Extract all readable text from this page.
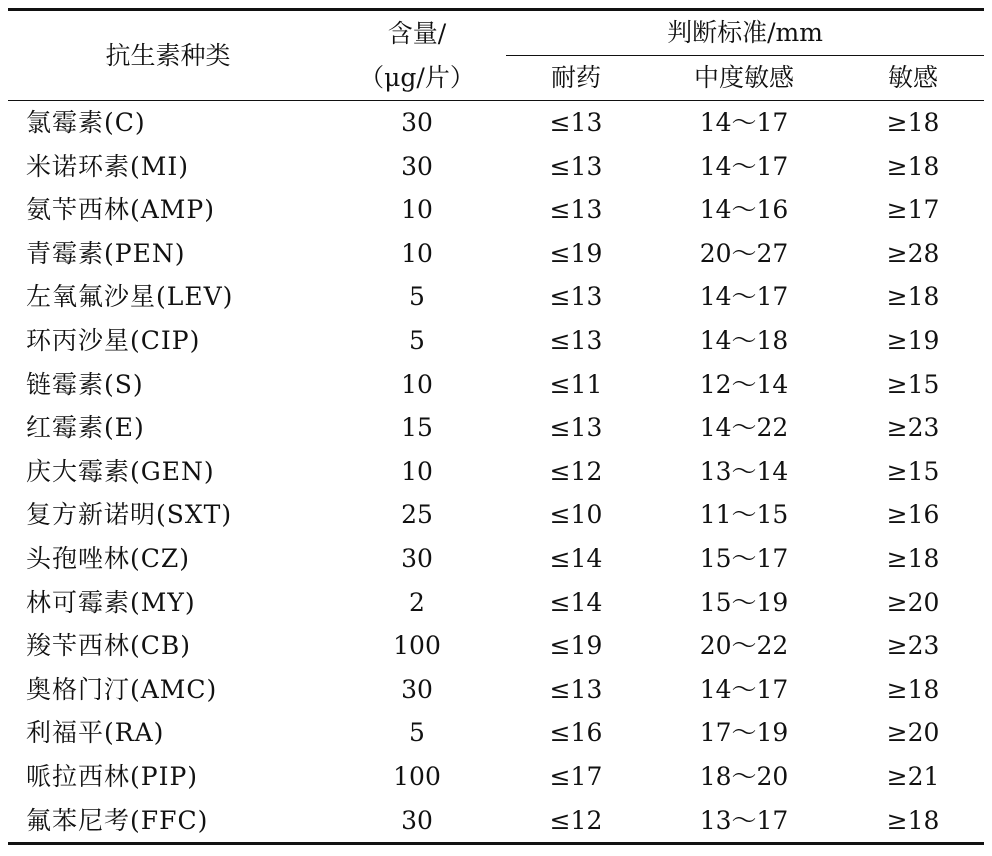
抗生素种类	含量/	判断标准/mm		
	（μg/片）	耐药	中度敏感	敏感
氯霉素(C)	30	≤13	14～17	≥18
米诺环素(MI)	30	≤13	14～17	≥18
氨苄西林(AMP)	10	≤13	14～16	≥17
青霉素(PEN)	10	≤19	20～27	≥28
左氧氟沙星(LEV)	5	≤13	14～17	≥18
环丙沙星(CIP)	5	≤13	14～18	≥19
链霉素(S)	10	≤11	12～14	≥15
红霉素(E)	15	≤13	14～22	≥23
庆大霉素(GEN)	10	≤12	13～14	≥15
复方新诺明(SXT)	25	≤10	11～15	≥16
头孢唑林(CZ)	30	≤14	15～17	≥18
林可霉素(MY)	2	≤14	15～19	≥20
羧苄西林(CB)	100	≤19	20～22	≥23
奥格门汀(AMC)	30	≤13	14～17	≥18
利福平(RA)	5	≤16	17～19	≥20
哌拉西林(PIP)	100	≤17	18～20	≥21
氟苯尼考(FFC)	30	≤12	13～17	≥18
